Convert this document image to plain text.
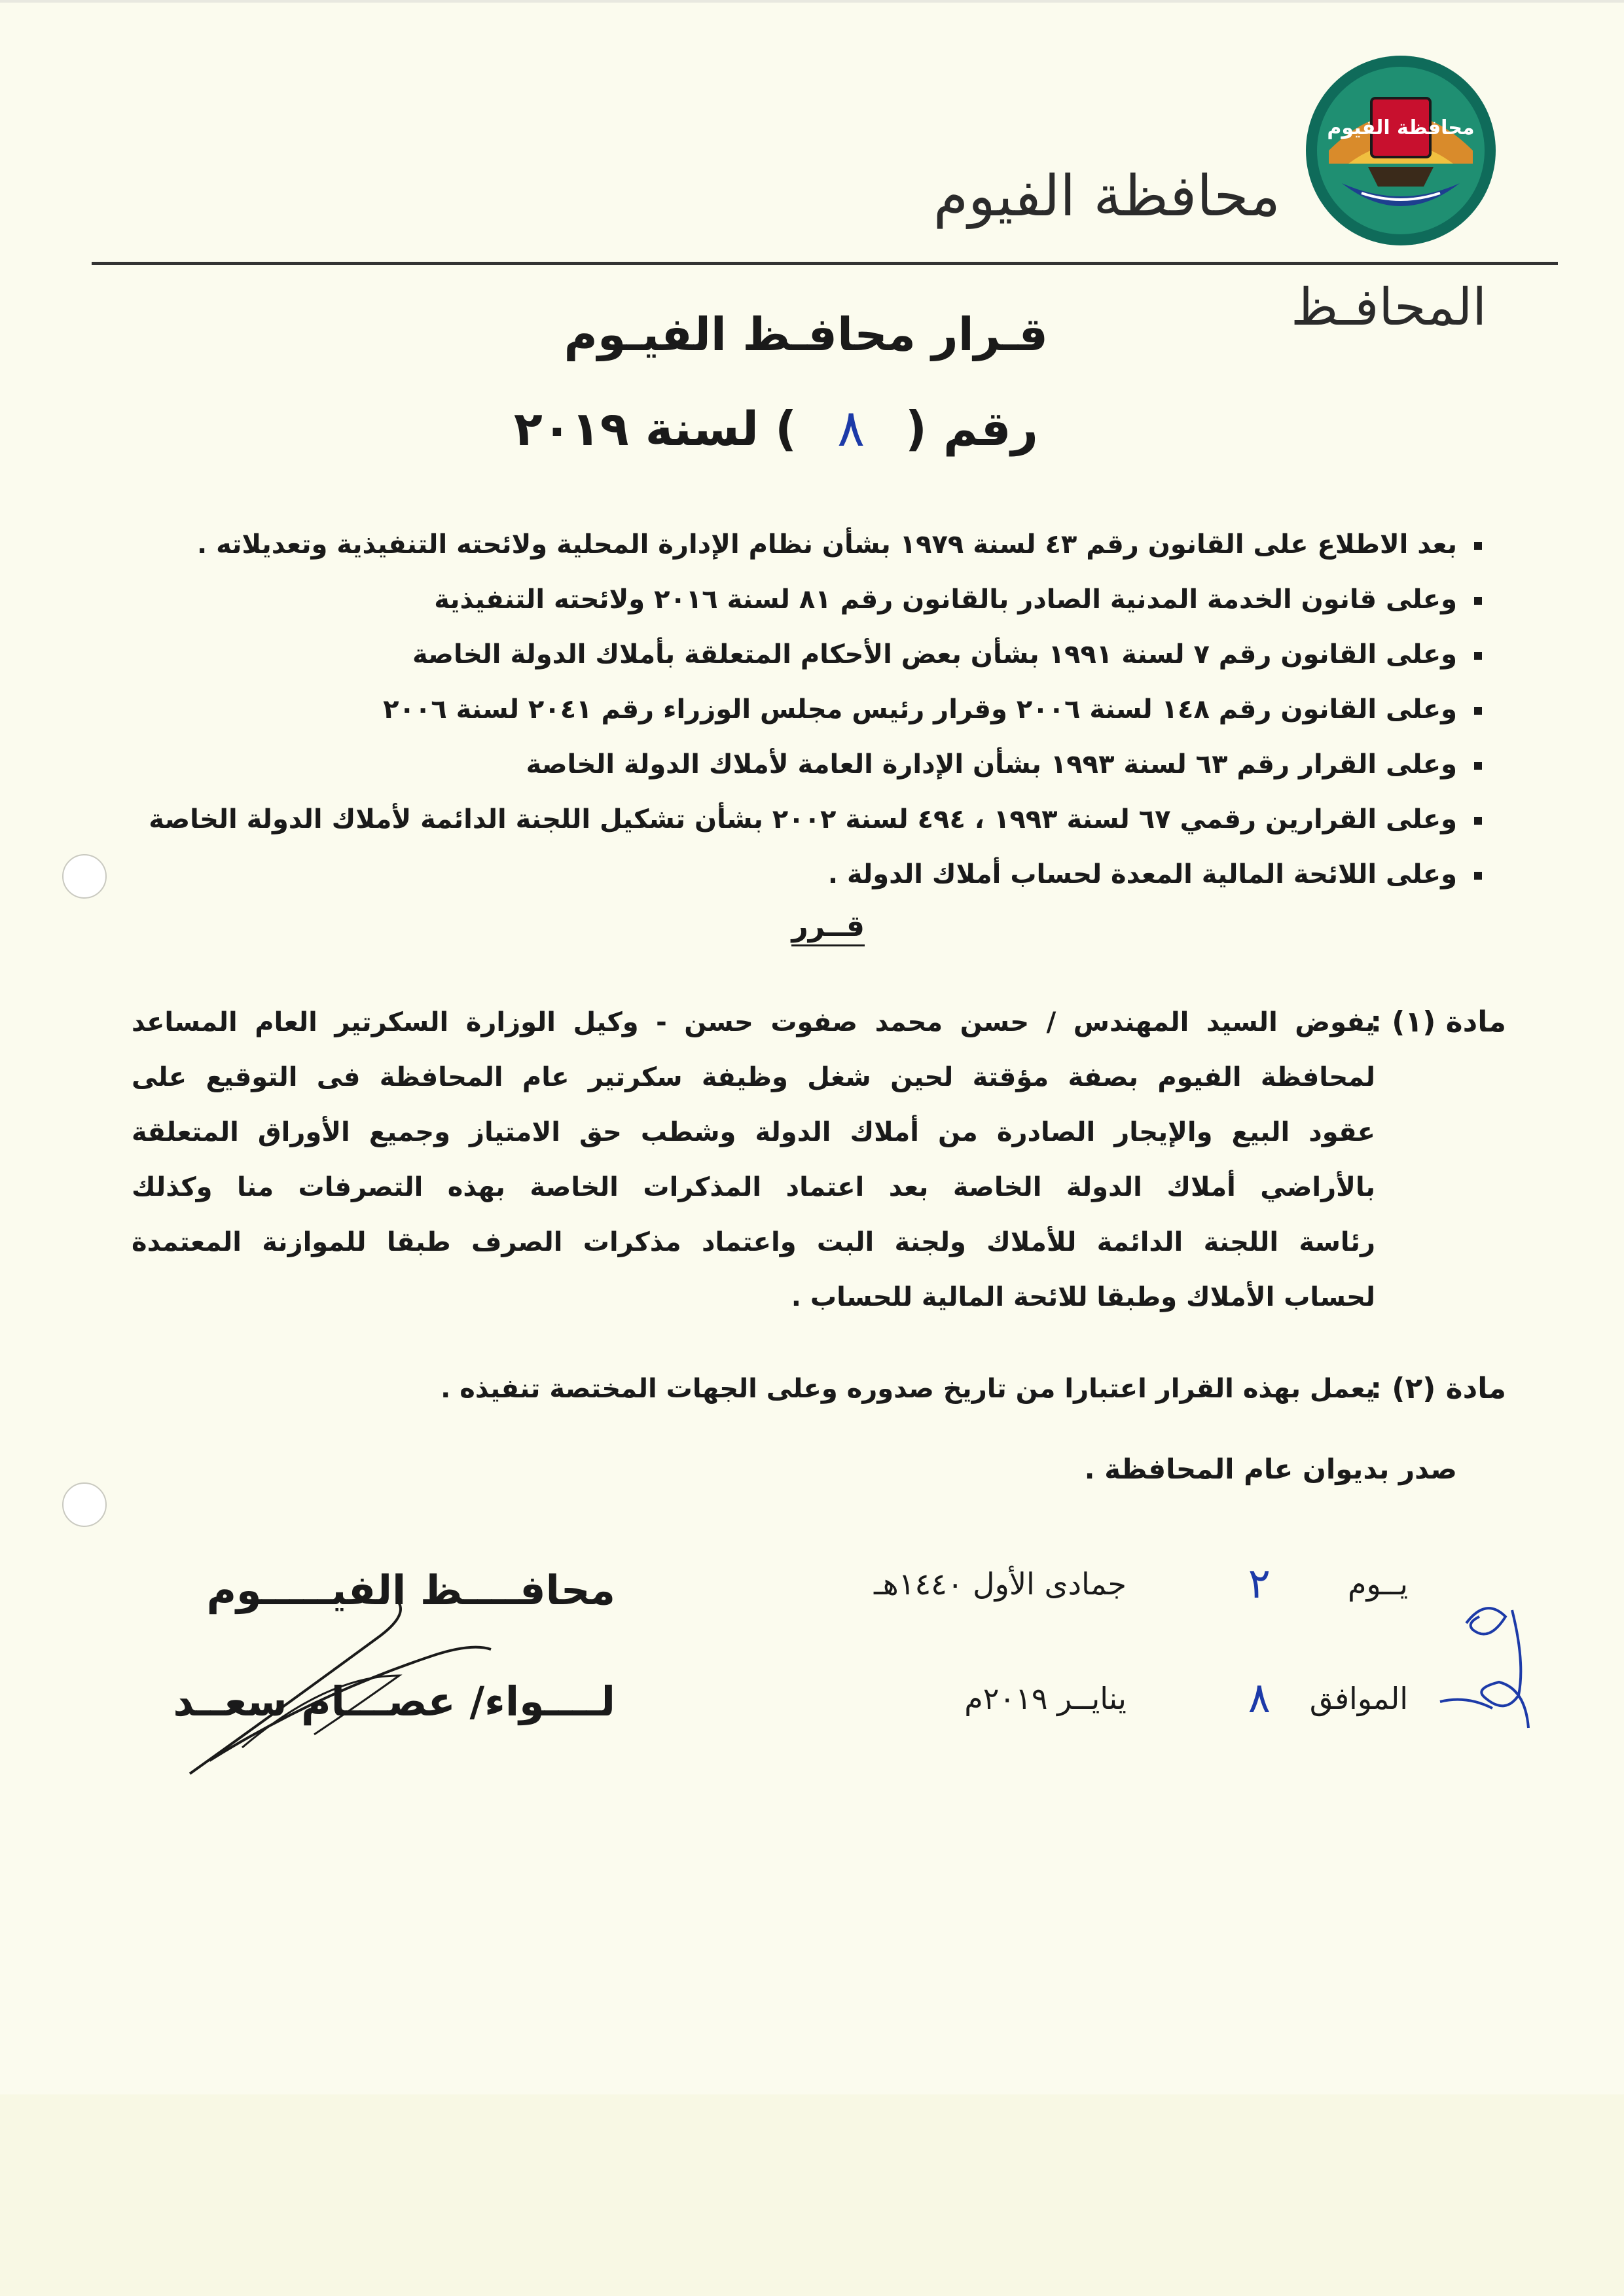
محافظة الفيوم
محافظة الفيوم
المحافـظ
قـرار محافـظ الفيـوم
رقم (
٨
) لسنة ٢٠١٩
بعد الاطلاع على القانون رقم ٤٣ لسنة ١٩٧٩ بشأن نظام الإدارة المحلية ولائحته التنفيذية وتعديلاته .
وعلى قانون الخدمة المدنية الصادر بالقانون رقم ٨١ لسنة ٢٠١٦ ولائحته التنفيذية
وعلى القانون رقم ٧ لسنة ١٩٩١ بشأن بعض الأحكام المتعلقة بأملاك الدولة الخاصة
وعلى القانون رقم ١٤٨ لسنة ٢٠٠٦ وقرار رئيس مجلس الوزراء رقم ٢٠٤١ لسنة ٢٠٠٦
وعلى القرار رقم ٦٣ لسنة ١٩٩٣ بشأن الإدارة العامة لأملاك الدولة الخاصة
وعلى القرارين رقمي ٦٧ لسنة ١٩٩٣ ، ٤٩٤ لسنة ٢٠٠٢ بشأن تشكيل اللجنة الدائمة لأملاك الدولة الخاصة
وعلى اللائحة المالية المعدة لحساب أملاك الدولة .
قــرر
مادة (١) :
يفوض السيد المهندس / حسن محمد صفوت حسن - وكيل الوزارة السكرتير العام المساعد
لمحافظة الفيوم بصفة مؤقتة لحين شغل وظيفة سكرتير عام المحافظة فى التوقيع على
عقود البيع والإيجار الصادرة من أملاك الدولة وشطب حق الامتياز وجميع الأوراق المتعلقة
بالأراضي أملاك الدولة الخاصة بعد اعتماد المذكرات الخاصة بهذه التصرفات منا وكذلك
رئاسة اللجنة الدائمة للأملاك ولجنة البت واعتماد مذكرات الصرف طبقا للموازنة المعتمدة
لحساب الأملاك وطبقا للائحة المالية للحساب .
مادة (٢) :
يعمل بهذه القرار اعتبارا من تاريخ صدوره وعلى الجهات المختصة تنفيذه .
صدر بديوان عام المحافظة .
يــوم
٢
جمادى الأول ١٤٤٠هـ
الموافق
٨
ينايــر ٢٠١٩م
محافــــظ الفيـــــوم
لــــواء/ عصـــام سعــد
